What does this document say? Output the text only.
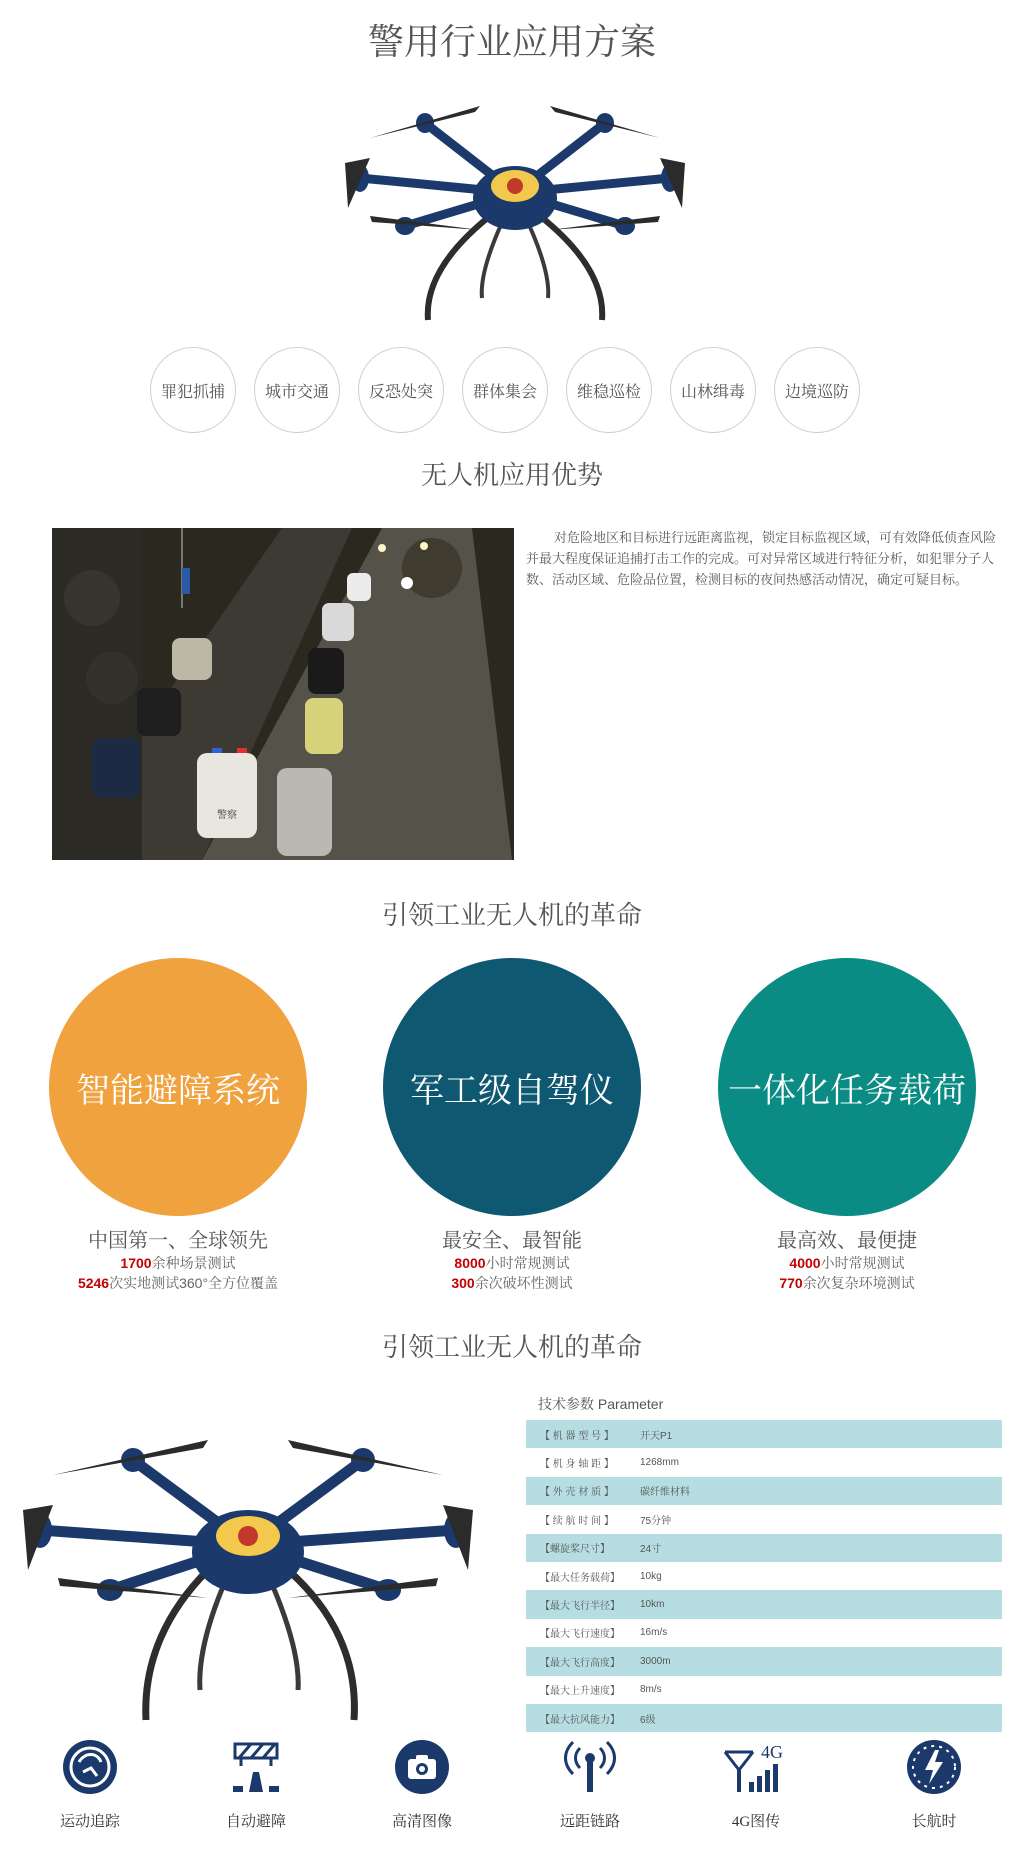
警用行业应用方案
罪犯抓捕	城市交通	反恐处突	群体集会	维稳巡检	山林缉毒	边境巡防
无人机应用优势
警察

对危险地区和目标进行远距离监视，锁定目标监视区域，可有效降低侦查风险并最大程度保证追捕打击工作的完成。可对异常区域进行特征分析，如犯罪分子人数、活动区域、危险品位置，检测目标的夜间热感活动情况，确定可疑目标。

引领工业无人机的革命
智能避障系统
中国第一、全球领先
1700余种场景测试
5246次实地测试360°全方位覆盖
军工级自驾仪
最安全、最智能
8000小时常规测试
300余次破坏性测试
一体化任务载荷
最高效、最便捷
4000小时常规测试
770余次复杂环境测试
引领工业无人机的革命
技术参数 Parameter
【 机 器 型 号 】	开天P1
【 机 身 轴 距 】	1268mm
【 外 壳 材 质 】	碳纤维材料
【 续 航 时 间 】	75分钟
【螺旋桨尺寸】	24寸
【最大任务载荷】	10kg
【最大飞行半径】	10km
【最大飞行速度】	16m/s
【最大飞行高度】	3000m
【最大上升速度】	8m/s
【最大抗风能力】	6级
运动追踪	自动避障	高清图像	远距链路
4G
4G图传	长航时
